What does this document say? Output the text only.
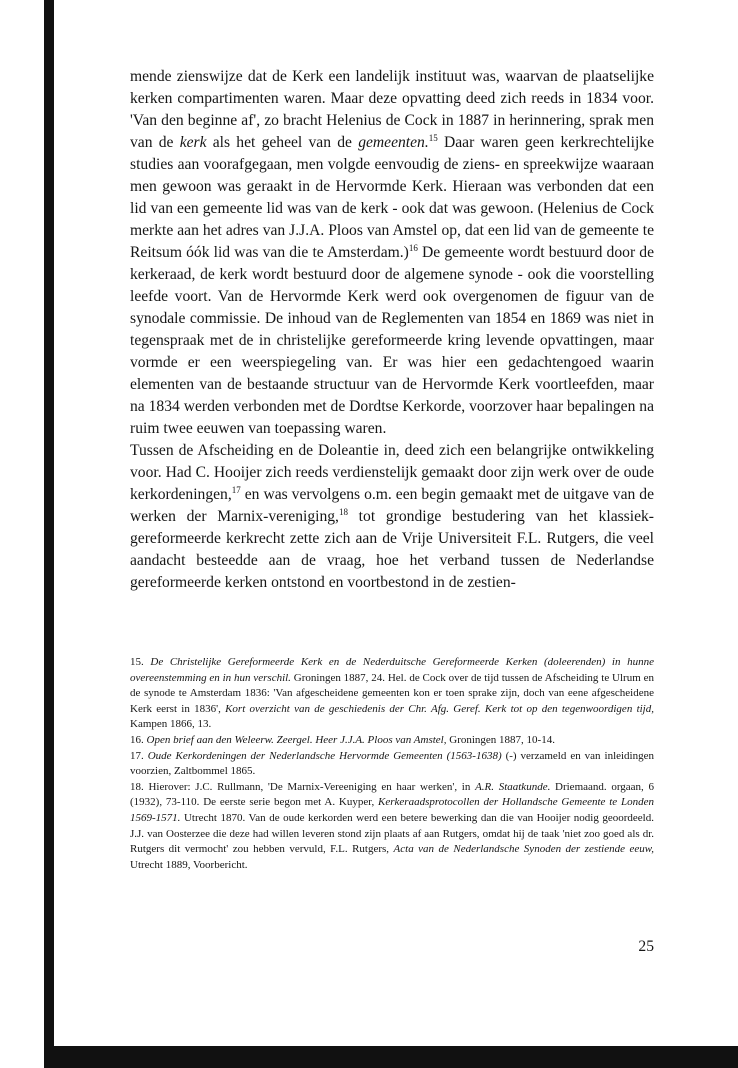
mende zienswijze dat de Kerk een landelijk instituut was, waarvan de plaatselijke kerken compartimenten waren. Maar deze opvatting deed zich reeds in 1834 voor. 'Van den beginne af', zo bracht Helenius de Cock in 1887 in herinnering, sprak men van de kerk als het geheel van de gemeenten.$^{15}$ Daar waren geen kerkrechtelijke studies aan voorafgegaan, men volgde eenvoudig de ziens- en spreekwijze waaraan men gewoon was geraakt in de Hervormde Kerk. Hieraan was verbonden dat een lid van een gemeente lid was van de kerk - ook dat was gewoon. (Helenius de Cock merkte aan het adres van J.J.A. Ploos van Amstel op, dat een lid van de gemeente te Reitsum óók lid was van die te Amsterdam.)$^{16}$ De gemeente wordt bestuurd door de kerkeraad, de kerk wordt bestuurd door de algemene synode - ook die voorstelling leefde voort. Van de Hervormde Kerk werd ook overgenomen de figuur van de synodale commissie. De inhoud van de Reglementen van 1854 en 1869 was niet in tegenspraak met de in christelijke gereformeerde kring levende opvattingen, maar vormde er een weerspiegeling van. Er was hier een gedachtengoed waarin elementen van de bestaande structuur van de Hervormde Kerk voortleefden, maar na 1834 werden verbonden met de Dordtse Kerkorde, voorzover haar bepalingen na ruim twee eeuwen van toepassing waren.

Tussen de Afscheiding en de Doleantie in, deed zich een belangrijke ontwikkeling voor. Had C. Hooijer zich reeds verdienstelijk gemaakt door zijn werk over de oude kerkordeningen,$^{17}$ en was vervolgens o.m. een begin gemaakt met de uitgave van de werken der Marnix-vereniging,$^{18}$ tot grondige bestudering van het klassiek-gereformeerde kerkrecht zette zich aan de Vrije Universiteit F.L. Rutgers, die veel aandacht besteedde aan de vraag, hoe het verband tussen de Nederlandse gereformeerde kerken ontstond en voortbestond in de zestien-

15. De Christelijke Gereformeerde Kerk en de Nederduitsche Gereformeerde Kerken (doleerenden) in hunne overeenstemming en in hun verschil. Groningen 1887, 24. Hel. de Cock over de tijd tussen de Afscheiding te Ulrum en de synode te Amsterdam 1836: 'Van afgescheidene gemeenten kon er toen sprake zijn, doch van eene afgescheidene Kerk eerst in 1836', Kort overzicht van de geschiedenis der Chr. Afg. Geref. Kerk tot op den tegenwoordigen tijd, Kampen 1866, 13.

16. Open brief aan den Weleerw. Zeergel. Heer J.J.A. Ploos van Amstel, Groningen 1887, 10-14.

17. Oude Kerkordeningen der Nederlandsche Hervormde Gemeenten (1563-1638) (-) verzameld en van inleidingen voorzien, Zaltbommel 1865.

18. Hierover: J.C. Rullmann, 'De Marnix-Vereeniging en haar werken', in A.R. Staatkunde. Driemaand. orgaan, 6 (1932), 73-110. De eerste serie begon met A. Kuyper, Kerkeraadsprotocollen der Hollandsche Gemeente te Londen 1569-1571. Utrecht 1870. Van de oude kerkorden werd een betere bewerking dan die van Hooijer nodig geoordeeld. J.J. van Oosterzee die deze had willen leveren stond zijn plaats af aan Rutgers, omdat hij de taak 'niet zoo goed als dr. Rutgers dit vermocht' zou hebben vervuld, F.L. Rutgers, Acta van de Nederlandsche Synoden der zestiende eeuw, Utrecht 1889, Voorbericht.

25
